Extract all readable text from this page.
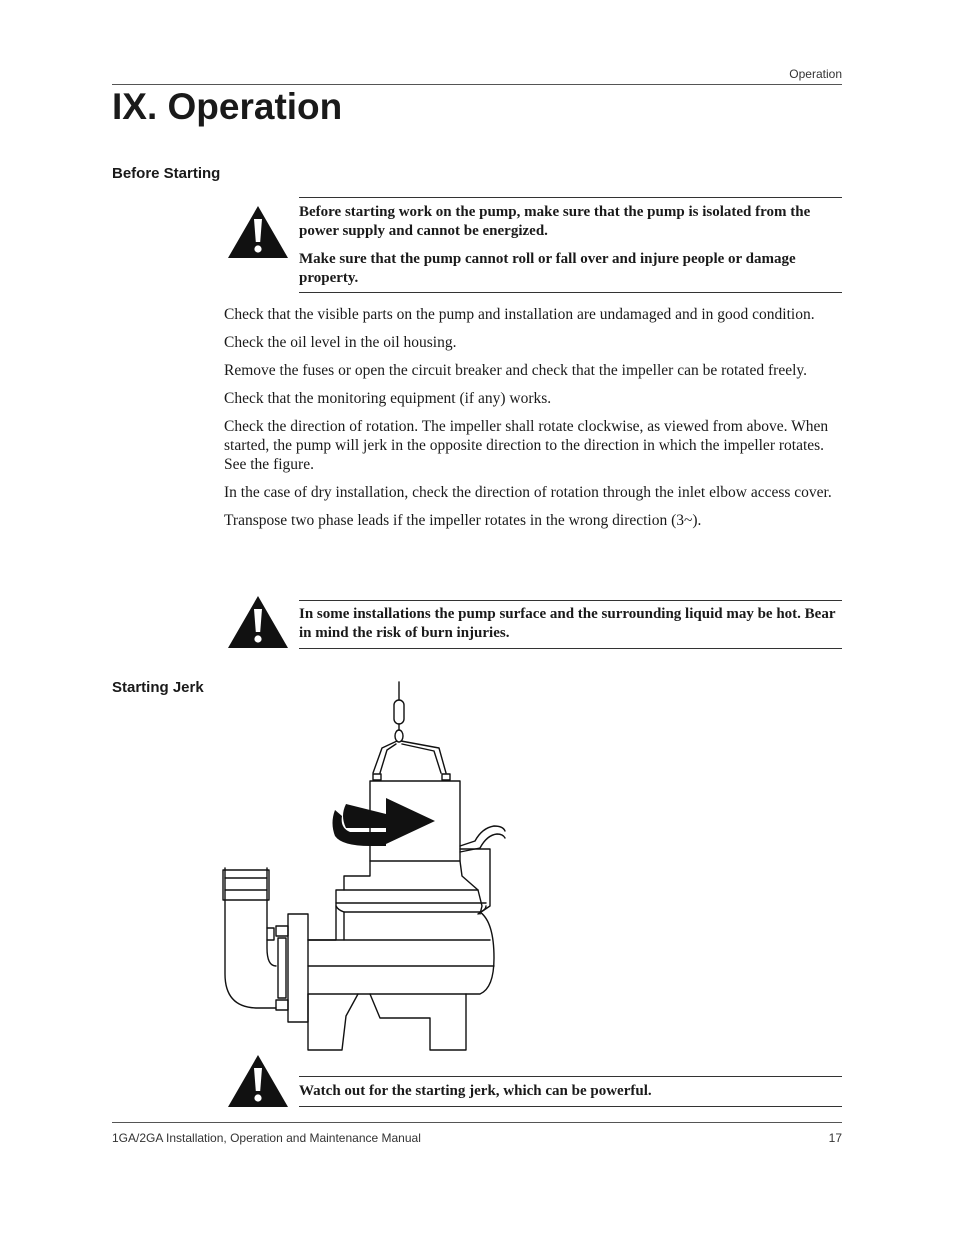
Operation
IX. Operation
Before Starting

Before starting work on the pump, make sure that the pump is isolated from the power supply and cannot be energized.

Make sure that the pump cannot roll or fall over and injure people or damage property.

Check that the visible parts on the pump and installation are undamaged and in good condition.

Check the oil level in the oil housing.

Remove the fuses or open the circuit breaker and check that the impeller can be rotated freely.

Check that the monitoring equipment (if any) works.

Check the direction of rotation. The impeller shall rotate clockwise, as viewed from above. When started, the pump will jerk in the opposite direction to the direction in which the impeller rotates. See the figure.

In the case of dry installation, check the direction of rotation through the inlet elbow access cover.

Transpose two phase leads if the impeller rotates in the wrong direction (3~).

In some installations the pump surface and the surrounding liquid may be hot. Bear in mind the risk of burn injuries.

Starting Jerk

Watch out for the starting jerk, which can be powerful.

1GA/2GA Installation, Operation and Maintenance Manual	17
